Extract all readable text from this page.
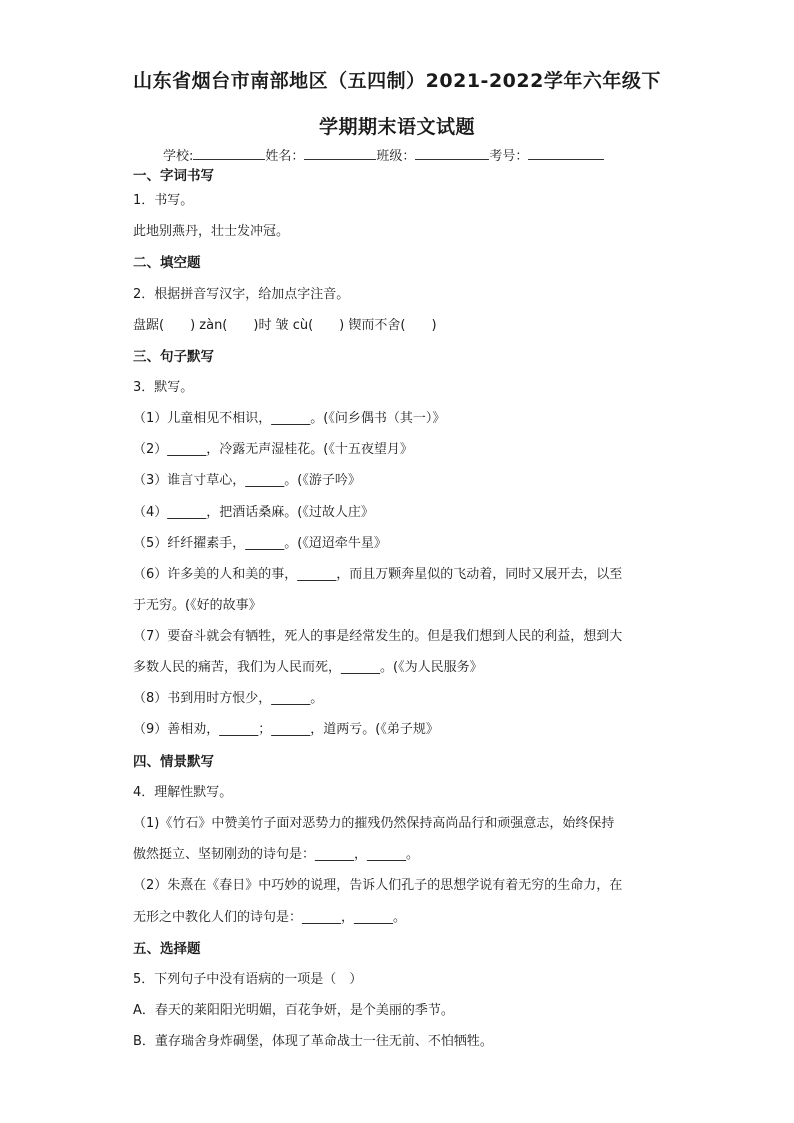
山东省烟台市南部地区（五四制）2021-2022学年六年级下
学期期末语文试题
学校:	姓名：	班级：	考号：
一、字词书写
1．书写。
此地别燕丹，壮士发冲冠。
二、填空题
2．根据拼音写汉字，给加点字注音。
盘踞(　　) zàn(　　)时 皱 cù(　　) 锲而不舍(　　)
三、句子默写
3．默写。
（1）儿童相见不相识，______。(《问乡偶书（其一）》
（2）______，冷露无声湿桂花。(《十五夜望月》
（3）谁言寸草心，______。(《游子吟》
（4）______，把酒话桑麻。(《过故人庄》
（5）纤纤擢素手，______。(《迢迢牵牛星》
（6）许多美的人和美的事，______，而且万颗奔星似的飞动着，同时又展开去，以至
于无穷。(《好的故事》
（7）要奋斗就会有牺牲，死人的事是经常发生的。但是我们想到人民的利益，想到大
多数人民的痛苦，我们为人民而死，______。(《为人民服务》
（8）书到用时方恨少，______。
（9）善相劝，______；______，道两亏。(《弟子规》
四、情景默写
4．理解性默写。
（1)《竹石》中赞美竹子面对恶势力的摧残仍然保持高尚品行和顽强意志，始终保持
傲然挺立、坚韧刚劲的诗句是：______，______。
（2）朱熹在《春日》中巧妙的说理，告诉人们孔子的思想学说有着无穷的生命力，在
无形之中教化人们的诗句是：______，______。
五、选择题
5．下列句子中没有语病的一项是（　）
A．春天的莱阳阳光明媚，百花争妍，是个美丽的季节。
B．董存瑞舍身炸碉堡，体现了革命战士一往无前、不怕牺牲。
